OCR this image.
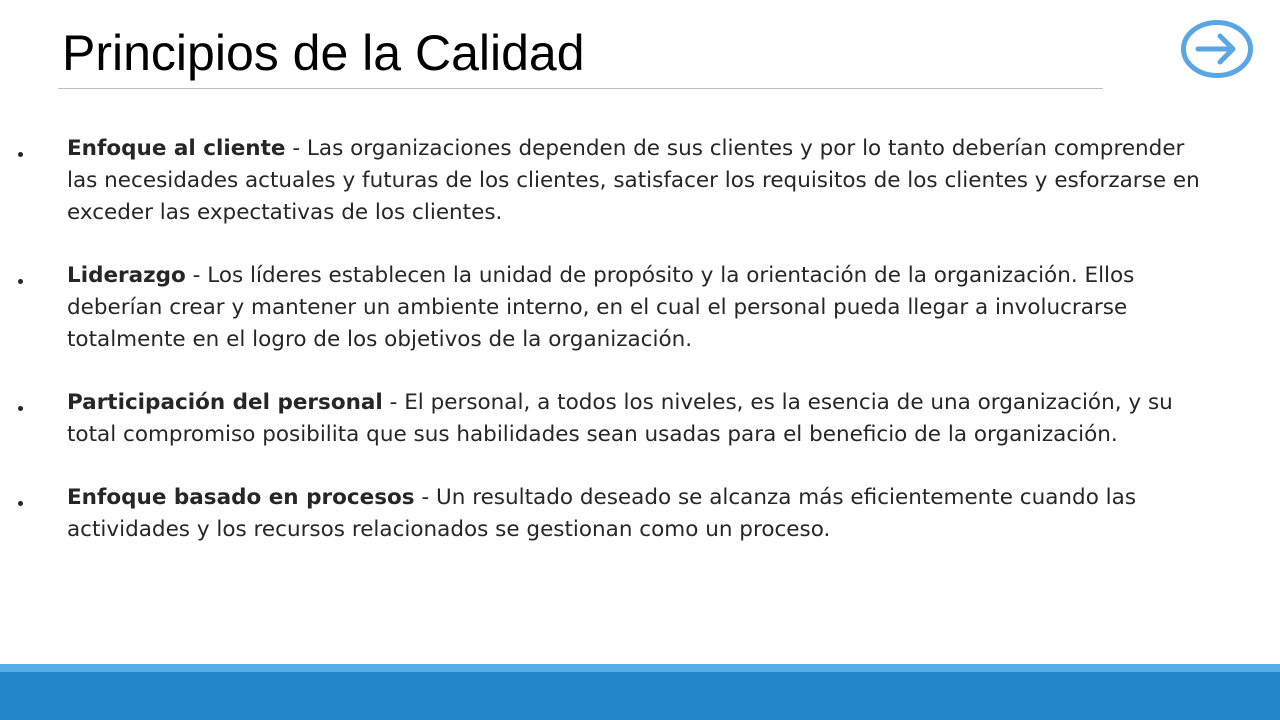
Principios de la Calidad
Enfoque al cliente - Las organizaciones dependen de sus clientes y por lo tanto deberían comprender las necesidades actuales y futuras de los clientes, satisfacer los requisitos de los clientes y esforzarse en exceder las expectativas de los clientes.
Liderazgo - Los líderes establecen la unidad de propósito y la orientación de la organización. Ellos deberían crear y mantener un ambiente interno, en el cual el personal pueda llegar a involucrarse totalmente en el logro de los objetivos de la organización.
Participación del personal - El personal, a todos los niveles, es la esencia de una organización, y su total compromiso posibilita que sus habilidades sean usadas para el beneficio de la organización.
Enfoque basado en procesos - Un resultado deseado se alcanza más eficientemente cuando las actividades y los recursos relacionados se gestionan como un proceso.
